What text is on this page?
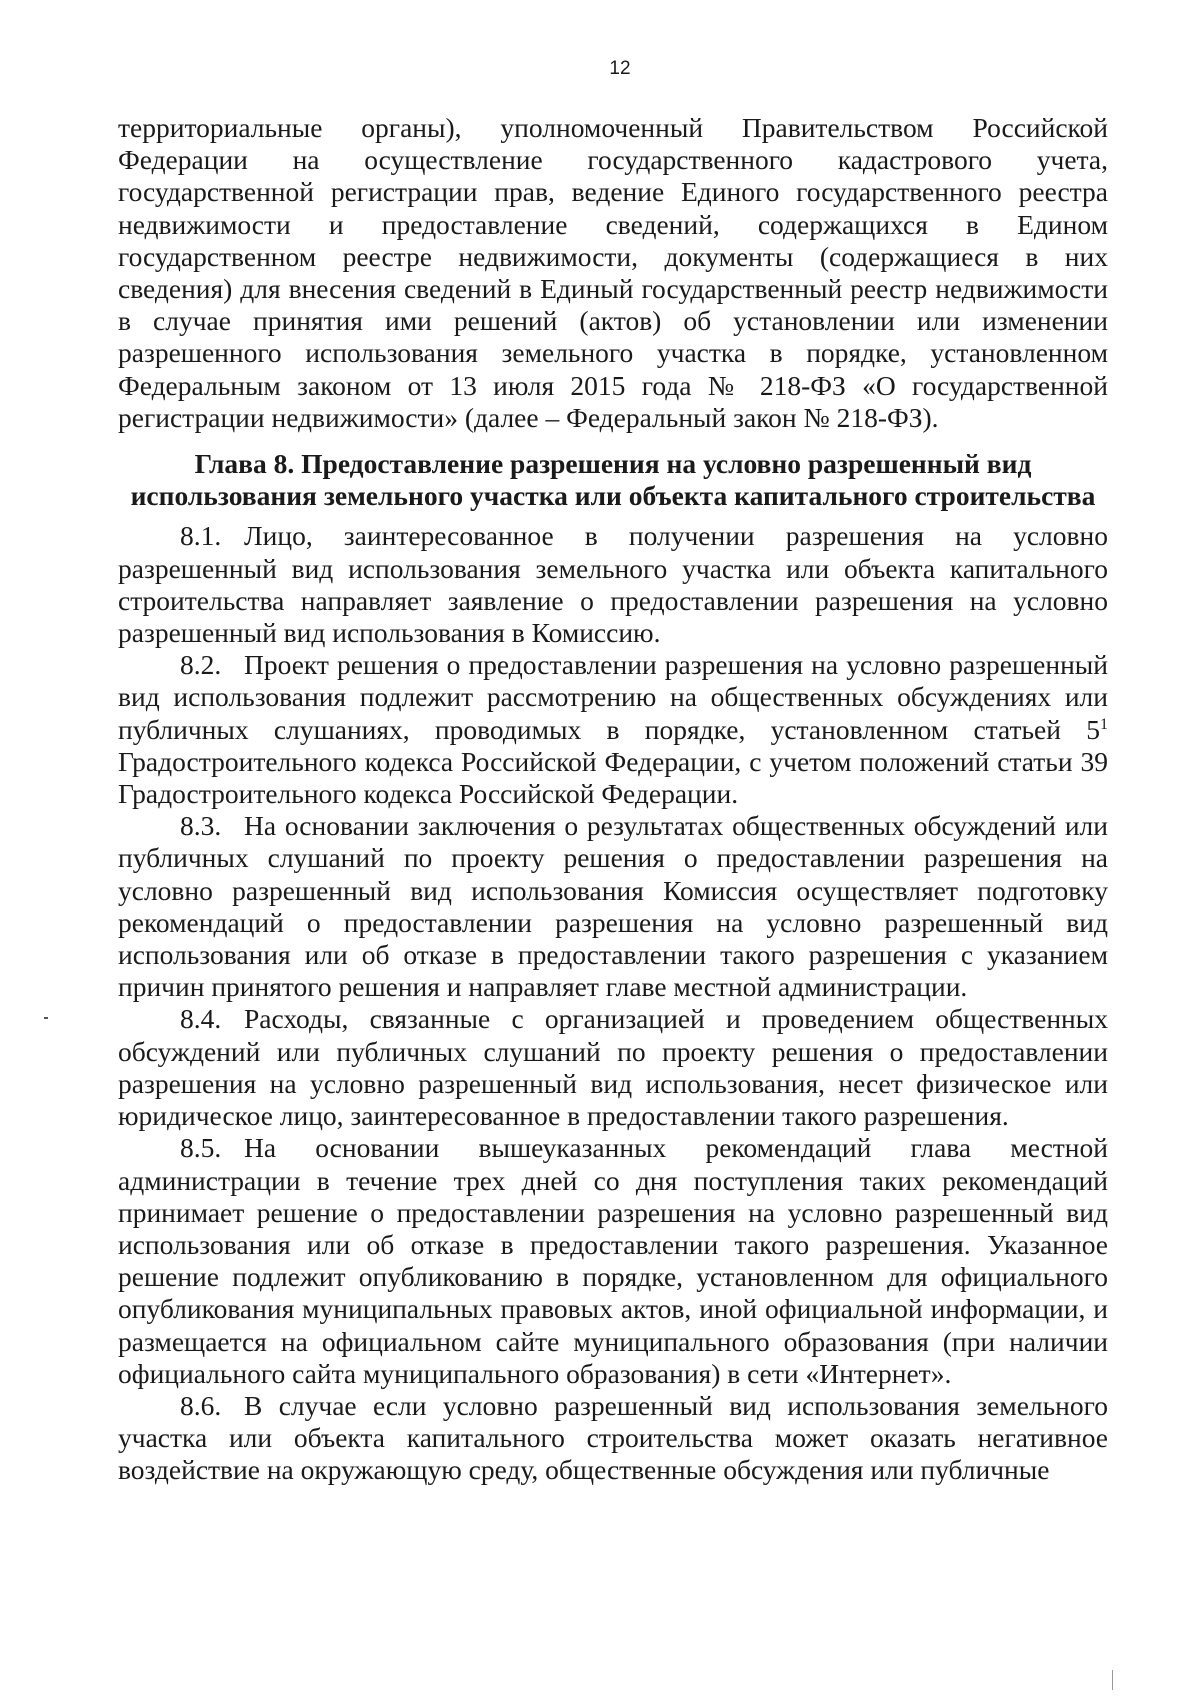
12

территориальные органы), уполномоченный Правительством Российской Федерации на осуществление государственного кадастрового учета, государственной регистрации прав, ведение Единого государственного реестра недвижимости и предоставление сведений, содержащихся в Едином государственном реестре недвижимости, документы (содержащиеся в них сведения) для внесения сведений в Единый государственный реестр недвижимости в случае принятия ими решений (актов) об установлении или изменении разрешенного использования земельного участка в порядке, установленном Федеральным законом от 13 июля 2015 года № 218-ФЗ «О государственной регистрации недвижимости» (далее – Федеральный закон № 218-ФЗ).

Глава 8. Предоставление разрешения на условно разрешенный вид использования земельного участка или объекта капитального строительства

8.1. Лицо, заинтересованное в получении разрешения на условно разрешенный вид использования земельного участка или объекта капитального строительства направляет заявление о предоставлении разрешения на условно разрешенный вид использования в Комиссию.

8.2. Проект решения о предоставлении разрешения на условно разрешенный вид использования подлежит рассмотрению на общественных обсуждениях или публичных слушаниях, проводимых в порядке, установленном статьей $5^1$ Градостроительного кодекса Российской Федерации, с учетом положений статьи 39 Градостроительного кодекса Российской Федерации.

8.3. На основании заключения о результатах общественных обсуждений или публичных слушаний по проекту решения о предоставлении разрешения на условно разрешенный вид использования Комиссия осуществляет подготовку рекомендаций о предоставлении разрешения на условно разрешенный вид использования или об отказе в предоставлении такого разрешения с указанием причин принятого решения и направляет главе местной администрации.

8.4. Расходы, связанные с организацией и проведением общественных обсуждений или публичных слушаний по проекту решения о предоставлении разрешения на условно разрешенный вид использования, несет физическое или юридическое лицо, заинтересованное в предоставлении такого разрешения.

8.5. На основании вышеуказанных рекомендаций глава местной администрации в течение трех дней со дня поступления таких рекомендаций принимает решение о предоставлении разрешения на условно разрешенный вид использования или об отказе в предоставлении такого разрешения. Указанное решение подлежит опубликованию в порядке, установленном для официального опубликования муниципальных правовых актов, иной официальной информации, и размещается на официальном сайте муниципального образования (при наличии официального сайта муниципального образования) в сети «Интернет».

8.6. В случае если условно разрешенный вид использования земельного участка или объекта капитального строительства может оказать негативное воздействие на окружающую среду, общественные обсуждения или публичные
